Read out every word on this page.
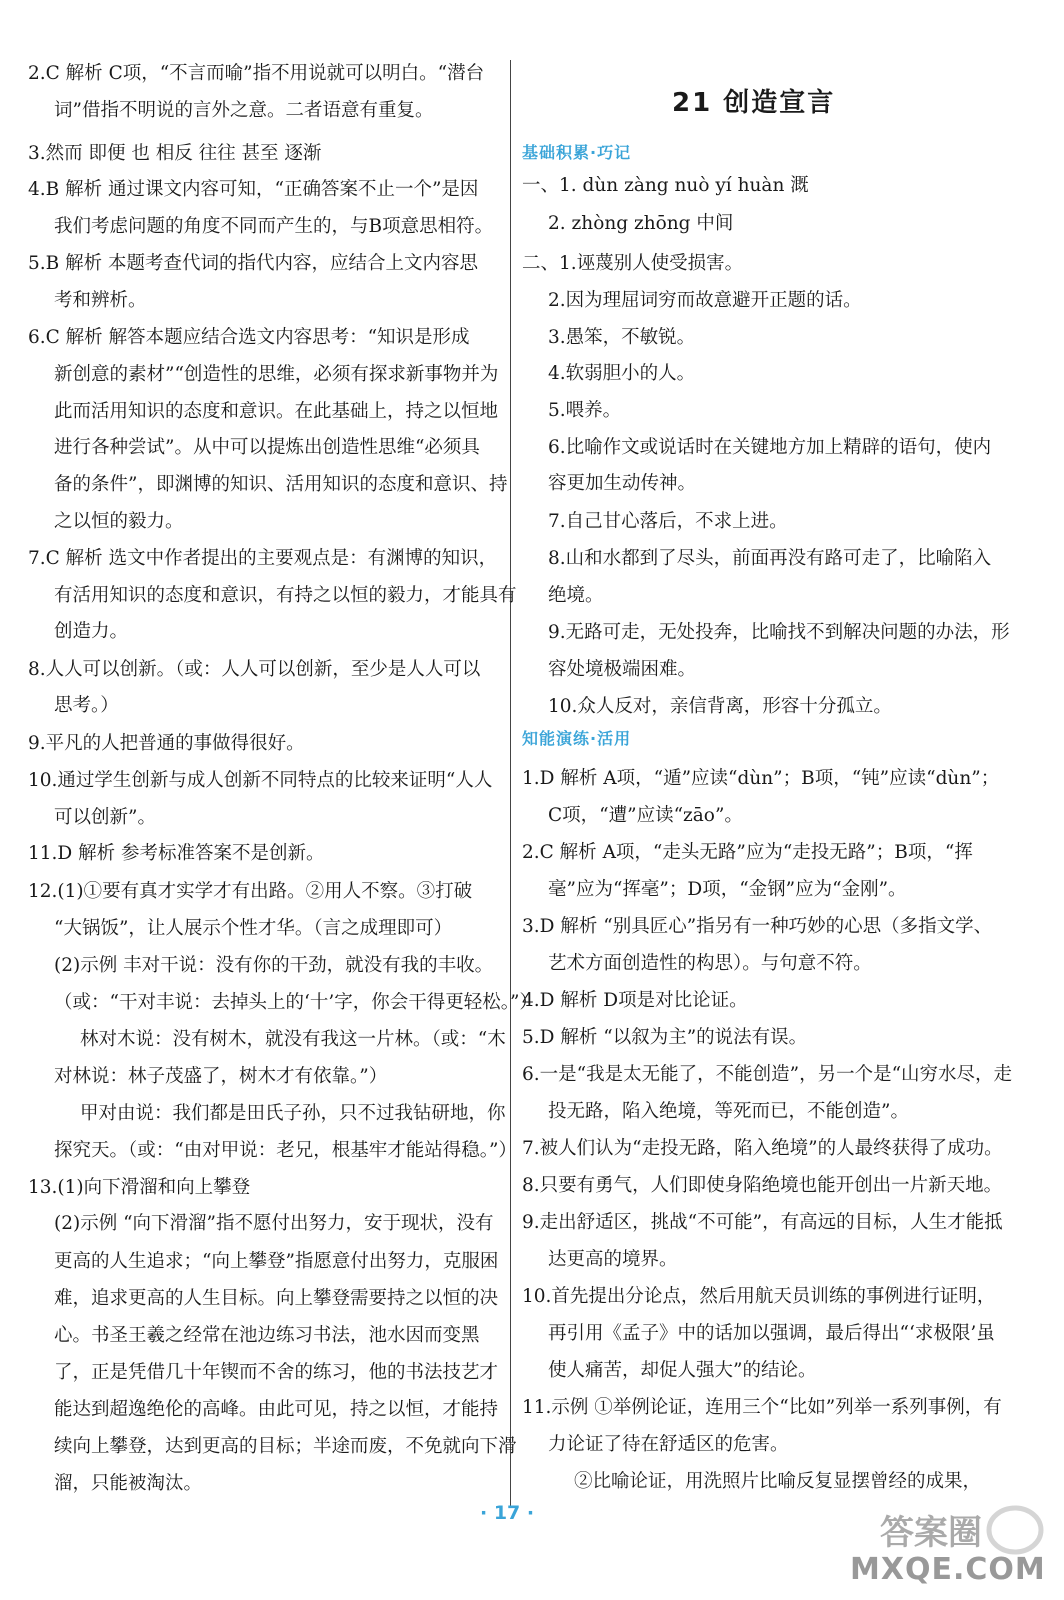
2.C 解析 C项，“不言而喻”指不用说就可以明白。“潜台
词”借指不明说的言外之意。二者语意有重复。
3.然而 即便 也 相反 往往 甚至 逐渐
4.B 解析 通过课文内容可知，“正确答案不止一个”是因
我们考虑问题的角度不同而产生的，与B项意思相符。
5.B 解析 本题考查代词的指代内容，应结合上文内容思
考和辨析。
6.C 解析 解答本题应结合选文内容思考：“知识是形成
新创意的素材”“创造性的思维，必须有探求新事物并为
此而活用知识的态度和意识。在此基础上，持之以恒地
进行各种尝试”。从中可以提炼出创造性思维“必须具
备的条件”，即渊博的知识、活用知识的态度和意识、持
之以恒的毅力。
7.C 解析 选文中作者提出的主要观点是：有渊博的知识，
有活用知识的态度和意识，有持之以恒的毅力，才能具有
创造力。
8.人人可以创新。（或：人人可以创新，至少是人人可以
思考。）
9.平凡的人把普通的事做得很好。
10.通过学生创新与成人创新不同特点的比较来证明“人人
可以创新”。
11.D 解析 参考标准答案不是创新。
12.(1)①要有真才实学才有出路。②用人不察。③打破
“大锅饭”，让人展示个性才华。（言之成理即可）
(2)示例 丰对干说：没有你的干劲，就没有我的丰收。
（或：“干对丰说：去掉头上的‘十’字，你会干得更轻松。”）
林对木说：没有树木，就没有我这一片林。（或：“木
对林说：林子茂盛了，树木才有依靠。”）
甲对由说：我们都是田氏子孙，只不过我钻研地，你
探究天。（或：“由对甲说：老兄，根基牢才能站得稳。”）
13.(1)向下滑溜和向上攀登
(2)示例 “向下滑溜”指不愿付出努力，安于现状，没有
更高的人生追求；“向上攀登”指愿意付出努力，克服困
难，追求更高的人生目标。向上攀登需要持之以恒的决
心。书圣王羲之经常在池边练习书法，池水因而变黑
了，正是凭借几十年锲而不舍的练习，他的书法技艺才
能达到超逸绝伦的高峰。由此可见，持之以恒，才能持
续向上攀登，达到更高的目标；半途而废，不免就向下滑
溜，只能被淘汰。
21 创造宣言
基础积累·巧记
知能演练·活用
一、1. dùn zàng nuò yí huàn 溉
2. zhòng zhōng 中间
二、1.诬蔑别人使受损害。
2.因为理屈词穷而故意避开正题的话。
3.愚笨，不敏锐。
4.软弱胆小的人。
5.喂养。
6.比喻作文或说话时在关键地方加上精辟的语句，使内
容更加生动传神。
7.自己甘心落后，不求上进。
8.山和水都到了尽头，前面再没有路可走了，比喻陷入
绝境。
9.无路可走，无处投奔，比喻找不到解决问题的办法，形
容处境极端困难。
10.众人反对，亲信背离，形容十分孤立。
1.D 解析 A项，“遁”应读“dùn”；B项，“钝”应读“dùn”；
C项，“遭”应读“zāo”。
2.C 解析 A项，“走头无路”应为“走投无路”；B项，“挥
毫”应为“挥毫”；D项，“金钢”应为“金刚”。
3.D 解析 “别具匠心”指另有一种巧妙的心思（多指文学、
艺术方面创造性的构思）。与句意不符。
4.D 解析 D项是对比论证。
5.D 解析 “以叙为主”的说法有误。
6.一是“我是太无能了，不能创造”，另一个是“山穷水尽，走
投无路，陷入绝境，等死而已，不能创造”。
7.被人们认为“走投无路，陷入绝境”的人最终获得了成功。
8.只要有勇气，人们即使身陷绝境也能开创出一片新天地。
9.走出舒适区，挑战“不可能”，有高远的目标，人生才能抵
达更高的境界。
10.首先提出分论点，然后用航天员训练的事例进行证明，
再引用《孟子》中的话加以强调，最后得出“‘求极限’虽
使人痛苦，却促人强大”的结论。
11.示例 ①举例论证，连用三个“比如”列举一系列事例，有
力论证了待在舒适区的危害。
②比喻论证，用洗照片比喻反复显摆曾经的成果，
· 17 ·	答案圈
MXQE.COM
